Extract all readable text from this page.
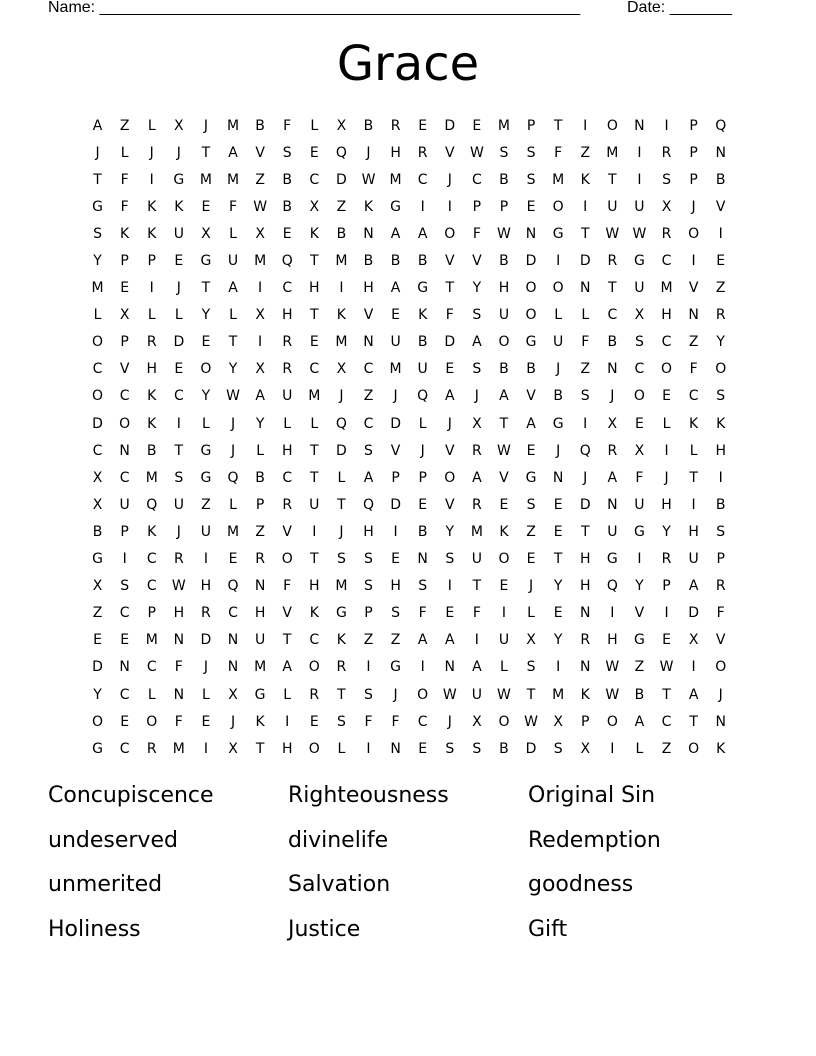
Name: ______________________________________________________	Date: _______
Grace
A	Z	L	X	J	M	B	F	L	X	B	R	E	D	E	M	P	T	I	O	N	I	P	Q
J	L	J	J	T	A	V	S	E	Q	J	H	R	V	W	S	S	F	Z	M	I	R	P	N
T	F	I	G	M	M	Z	B	C	D	W	M	C	J	C	B	S	M	K	T	I	S	P	B
G	F	K	K	E	F	W	B	X	Z	K	G	I	I	P	P	E	O	I	U	U	X	J	V
S	K	K	U	X	L	X	E	K	B	N	A	A	O	F	W	N	G	T	W W	R	O	I
Y	P	P	E	G	U	M	Q	T	M	B	B	B	V	V	B	D	I	D	R	G	C	I	E
M	E	I	J	T	A	I	C	H	I	H	A	G	T	Y	H	O	O	N	T	U	M	V	Z
L	X	L	L	Y	L	X	H	T	K	V	E	K	F	S	U	O	L	L	C	X	H	N	R
O	P	R	D	E	T	I	R	E	M	N	U	B	D	A	O	G	U	F	B	S	C	Z	Y
C	V	H	E	O	Y	X	R	C	X	C	M	U	E	S	B	B	J	Z	N	C	O	F	O
O	C	K	C	Y	W	A	U	M	J	Z	J	Q	A	J	A	V	B	S	J	O	E	C	S
D	O	K	I	L	J	Y	L	L	Q	C	D	L	J	X	T	A	G	I	X	E	L	K	K
C	N	B	T	G	J	L	H	T	D	S	V	J	V	R	W	E	J	Q	R	X	I	L	H
X	C	M	S	G	Q	B	C	T	L	A	P	P	O	A	V	G	N	J	A	F	J	T	I
X	U	Q	U	Z	L	P	R	U	T	Q	D	E	V	R	E	S	E	D	N	U	H	I	B
B	P	K	J	U	M	Z	V	I	J	H	I	B	Y	M	K	Z	E	T	U	G	Y	H	S
G	I	C	R	I	E	R	O	T	S	S	E	N	S	U	O	E	T	H	G	I	R	U	P
X	S	C	W	H	Q	N	F	H	M	S	H	S	I	T	E	J	Y	H	Q	Y	P	A	R
Z	C	P	H	R	C	H	V	K	G	P	S	F	E	F	I	L	E	N	I	V	I	D	F
E	E	M	N	D	N	U	T	C	K	Z	Z	A	A	I	U	X	Y	R	H	G	E	X	V
D	N	C	F	J	N	M	A	O	R	I	G	I	N	A	L	S	I	N	W	Z	W	I	O
Y	C	L	N	L	X	G	L	R	T	S	J	O	W	U	W	T	M	K	W	B	T	A	J
O	E	O	F	E	J	K	I	E	S	F	F	C	J	X	O	W	X	P	O	A	C	T	N
G	C	R	M	I	X	T	H	O	L	I	N	E	S	S	B	D	S	X	I	L	Z	O	K
Concupiscence	Righteousness	Original Sin
undeserved	divinelife	Redemption
unmerited	Salvation	goodness
Holiness	Justice	Gift
